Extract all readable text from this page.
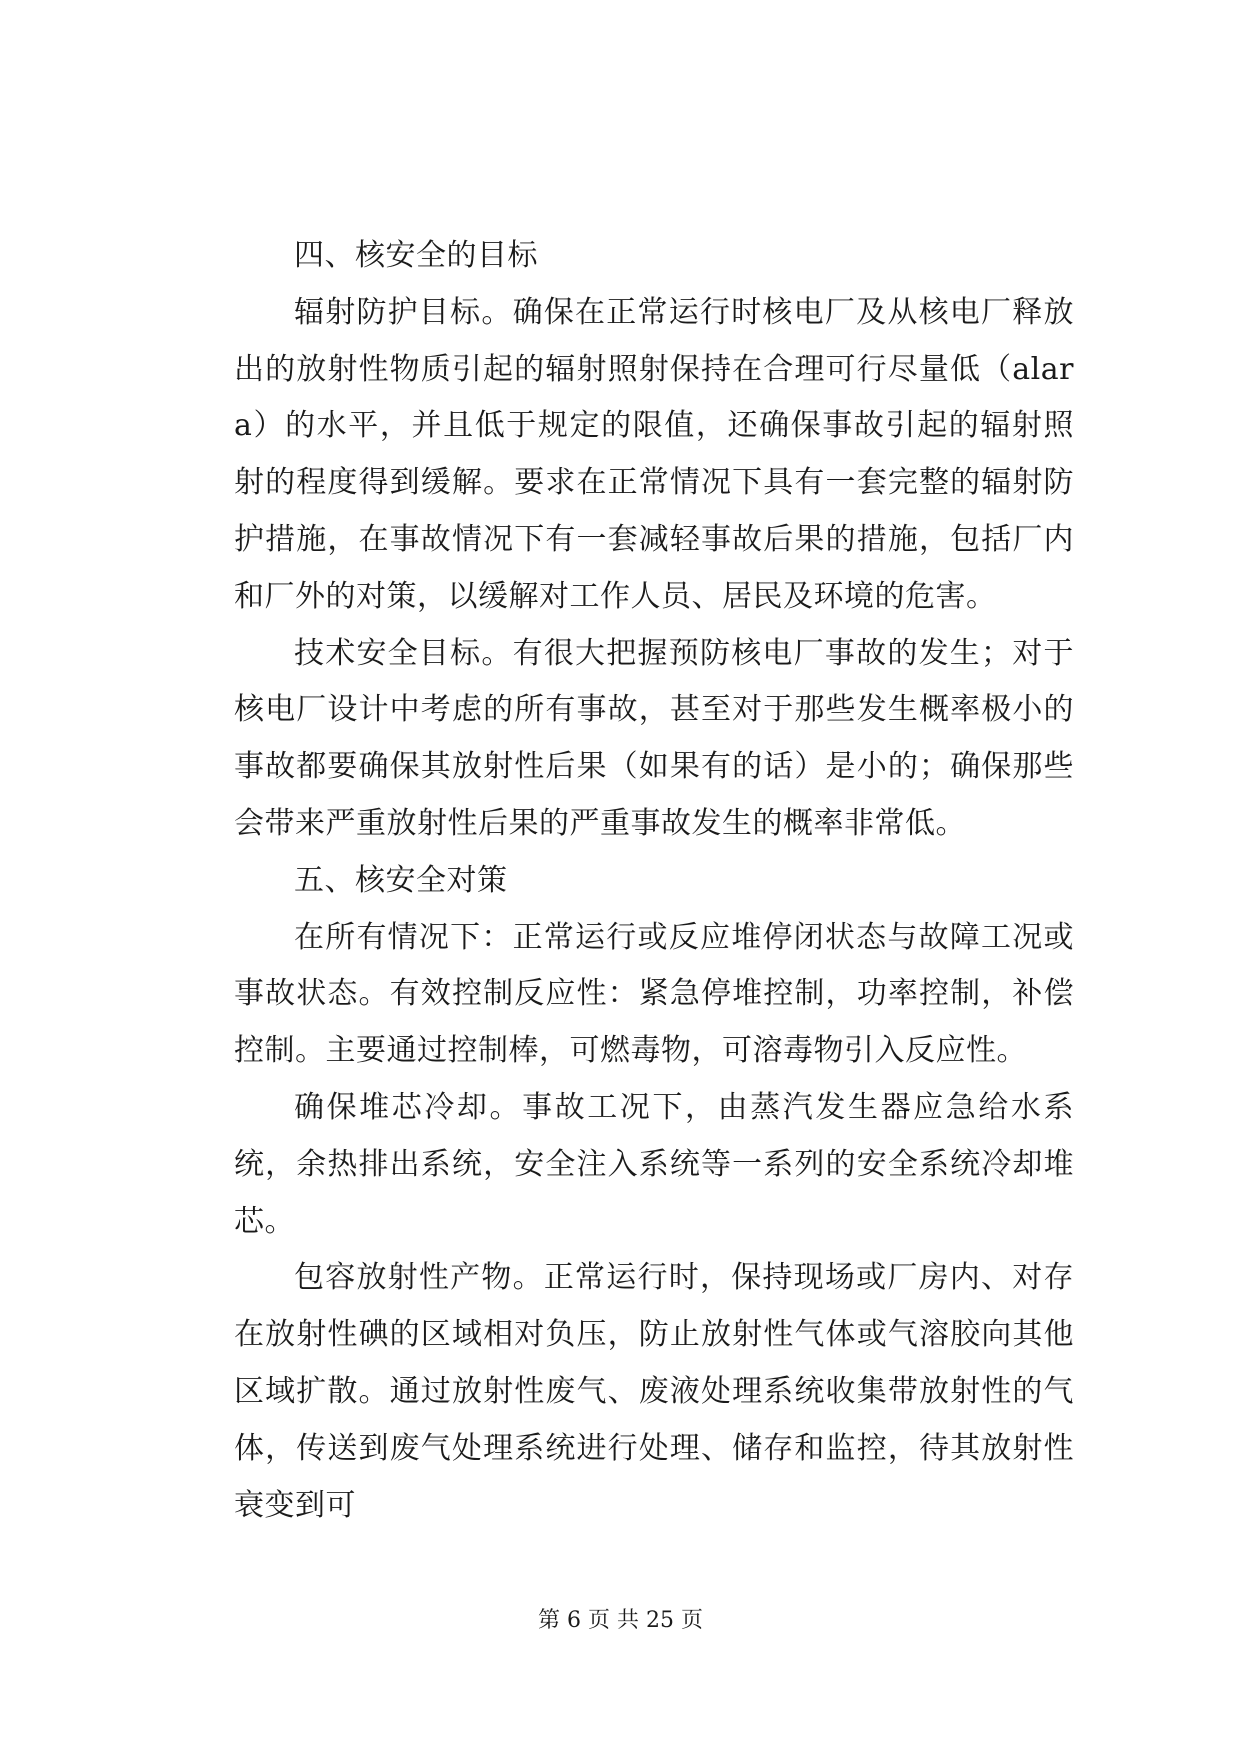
四、核安全的目标

辐射防护目标。确保在正常运行时核电厂及从核电厂释放出的放射性物质引起的辐射照射保持在合理可行尽量低（alara）的水平，并且低于规定的限值，还确保事故引起的辐射照射的程度得到缓解。要求在正常情况下具有一套完整的辐射防护措施，在事故情况下有一套减轻事故后果的措施，包括厂内和厂外的对策，以缓解对工作人员、居民及环境的危害。

技术安全目标。有很大把握预防核电厂事故的发生；对于核电厂设计中考虑的所有事故，甚至对于那些发生概率极小的事故都要确保其放射性后果（如果有的话）是小的；确保那些会带来严重放射性后果的严重事故发生的概率非常低。

五、核安全对策

在所有情况下：正常运行或反应堆停闭状态与故障工况或事故状态。有效控制反应性：紧急停堆控制，功率控制，补偿控制。主要通过控制棒，可燃毒物，可溶毒物引入反应性。

确保堆芯冷却。事故工况下，由蒸汽发生器应急给水系统，余热排出系统，安全注入系统等一系列的安全系统冷却堆芯。

包容放射性产物。正常运行时，保持现场或厂房内、对存在放射性碘的区域相对负压，防止放射性气体或气溶胶向其他区域扩散。通过放射性废气、废液处理系统收集带放射性的气体，传送到废气处理系统进行处理、储存和监控，待其放射性衰变到可

第 6 页 共 25 页
